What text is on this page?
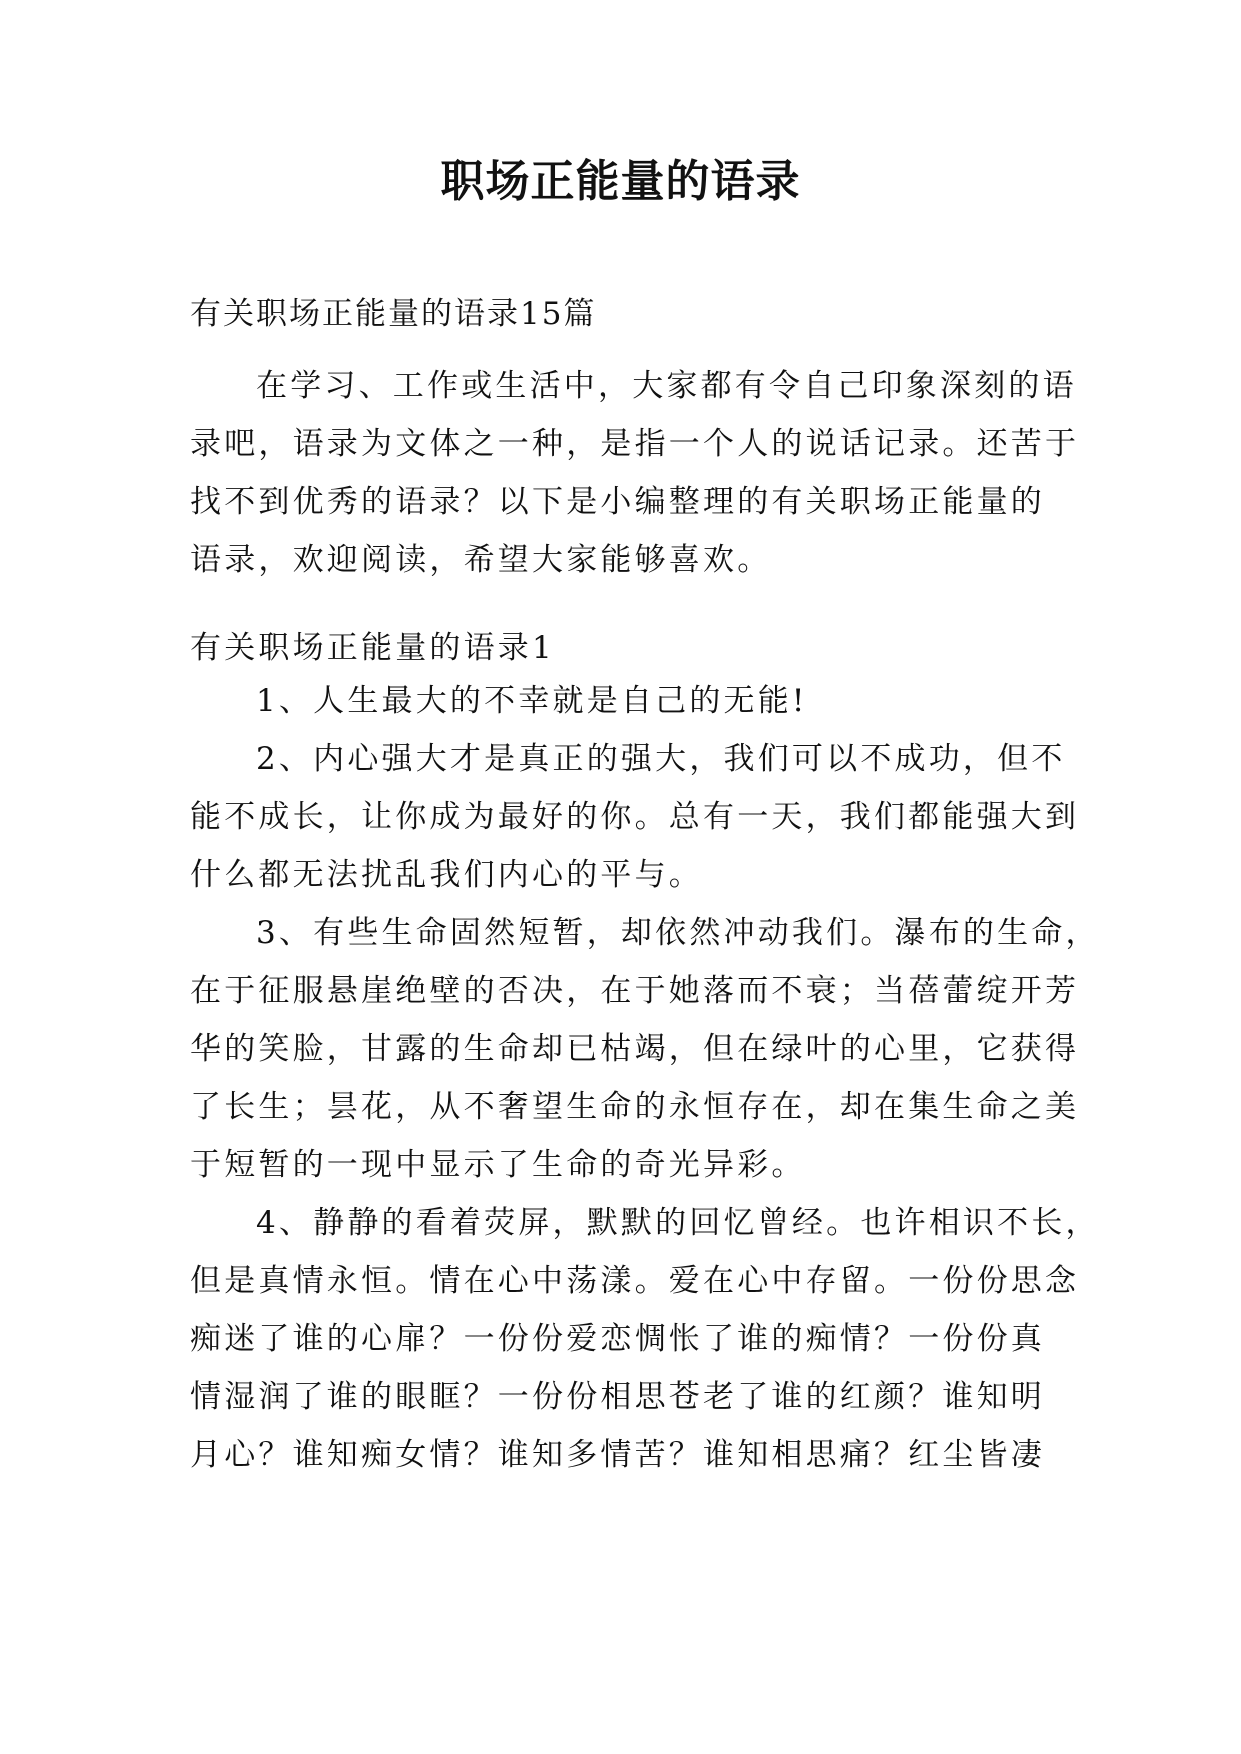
职场正能量的语录
有关职场正能量的语录15篇
在学习、工作或生活中，大家都有令自己印象深刻的语
录吧，语录为文体之一种，是指一个人的说话记录。还苦于
找不到优秀的语录？以下是小编整理的有关职场正能量的
语录，欢迎阅读，希望大家能够喜欢。
有关职场正能量的语录1
1、人生最大的不幸就是自己的无能!
2、内心强大才是真正的强大，我们可以不成功，但不
能不成长，让你成为最好的你。总有一天，我们都能强大到
什么都无法扰乱我们内心的平与。
3、有些生命固然短暂，却依然冲动我们。瀑布的生命，
在于征服悬崖绝壁的否决，在于她落而不衰；当蓓蕾绽开芳
华的笑脸，甘露的生命却已枯竭，但在绿叶的心里，它获得
了长生；昙花，从不奢望生命的永恒存在，却在集生命之美
于短暂的一现中显示了生命的奇光异彩。
4、静静的看着荧屏，默默的回忆曾经。也许相识不长，
但是真情永恒。情在心中荡漾。爱在心中存留。一份份思念
痴迷了谁的心扉？一份份爱恋惆怅了谁的痴情？一份份真
情湿润了谁的眼眶？一份份相思苍老了谁的红颜？谁知明
月心？谁知痴女情？谁知多情苦？谁知相思痛？红尘皆凄
